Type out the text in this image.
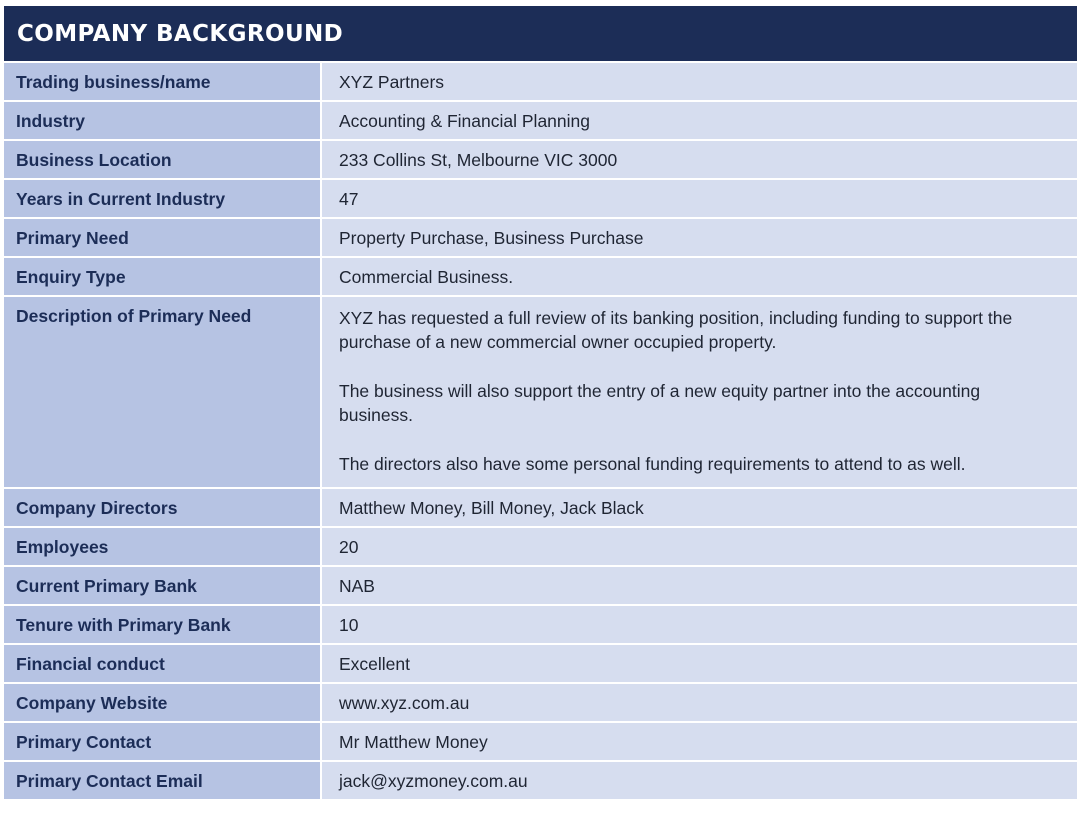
COMPANY BACKGROUND
Trading business/name	XYZ Partners
Industry	Accounting & Financial Planning
Business Location	233 Collins St, Melbourne VIC 3000
Years in Current Industry	47
Primary Need	Property Purchase, Business Purchase
Enquiry Type	Commercial Business.
Description of Primary Need	XYZ has requested a full review of its banking position, including funding to support the purchase of a new commercial owner occupied property.

The business will also support the entry of a new equity partner into the accounting business.

The directors also have some personal funding requirements to attend to as well.

Company Directors	Matthew Money, Bill Money, Jack Black
Employees	20
Current Primary Bank	NAB
Tenure with Primary Bank	10
Financial conduct	Excellent
Company Website	www.xyz.com.au
Primary Contact	Mr Matthew Money
Primary Contact Email	jack@xyzmoney.com.au
